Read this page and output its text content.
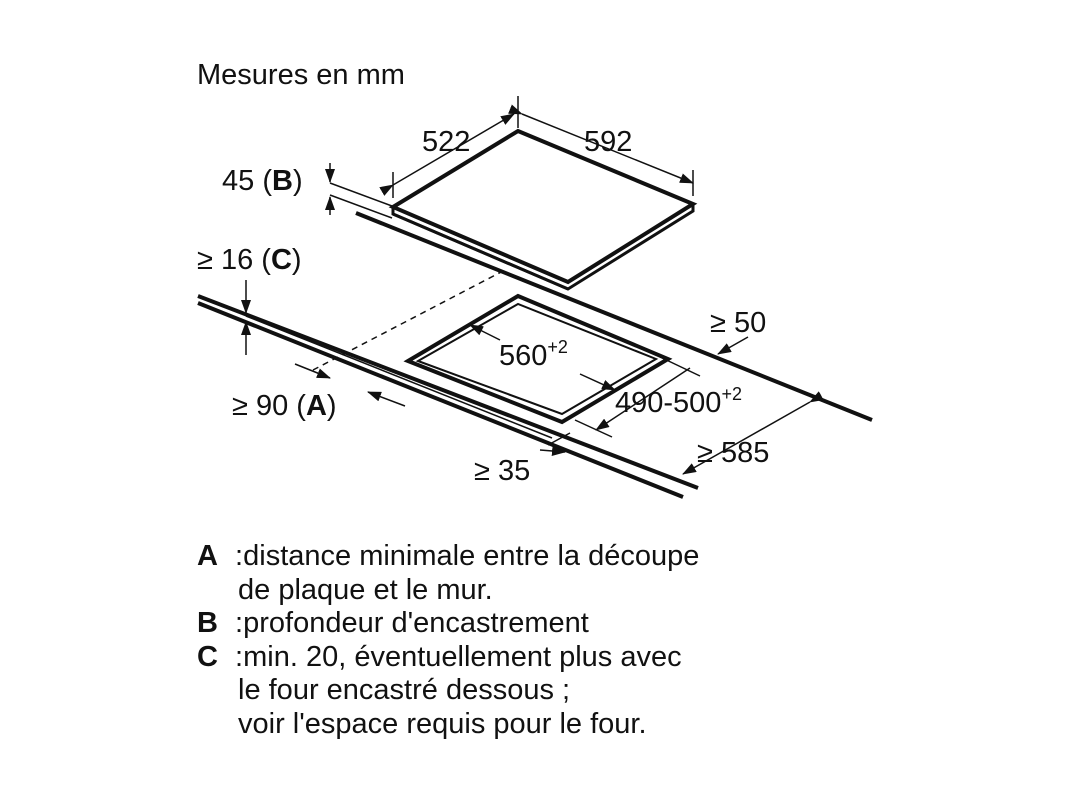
Mesures en mm
522	592
45 (B)
≥ 16 (C)
≥ 50
$560^{+2}$
$490-500^{+2}$
≥ 90 (A)
≥ 585
≥ 35
A : distance minimale entre la découpe
de plaque et le mur.
B : profondeur d'encastrement
C : min. 20, éventuellement plus avec
le four encastré dessous ;
voir l'espace requis pour le four.
